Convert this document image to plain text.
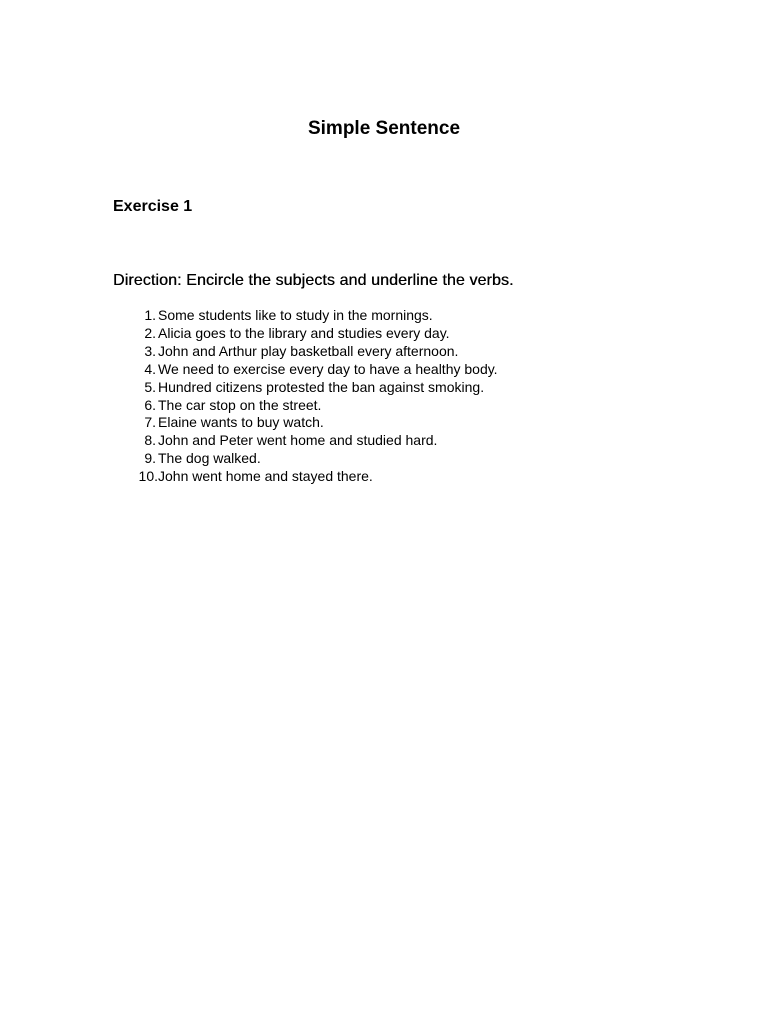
Simple Sentence
Exercise 1

Direction: Encircle the subjects and underline the verbs.

1. Some students like to study in the mornings.
2. Alicia goes to the library and studies every day.
3. John and Arthur play basketball every afternoon.
4. We need to exercise every day to have a healthy body.
5. Hundred citizens protested the ban against smoking.
6. The car stop on the street.
7. Elaine wants to buy watch.
8. John and Peter went home and studied hard.
9. The dog walked.
10. John went home and stayed there.
